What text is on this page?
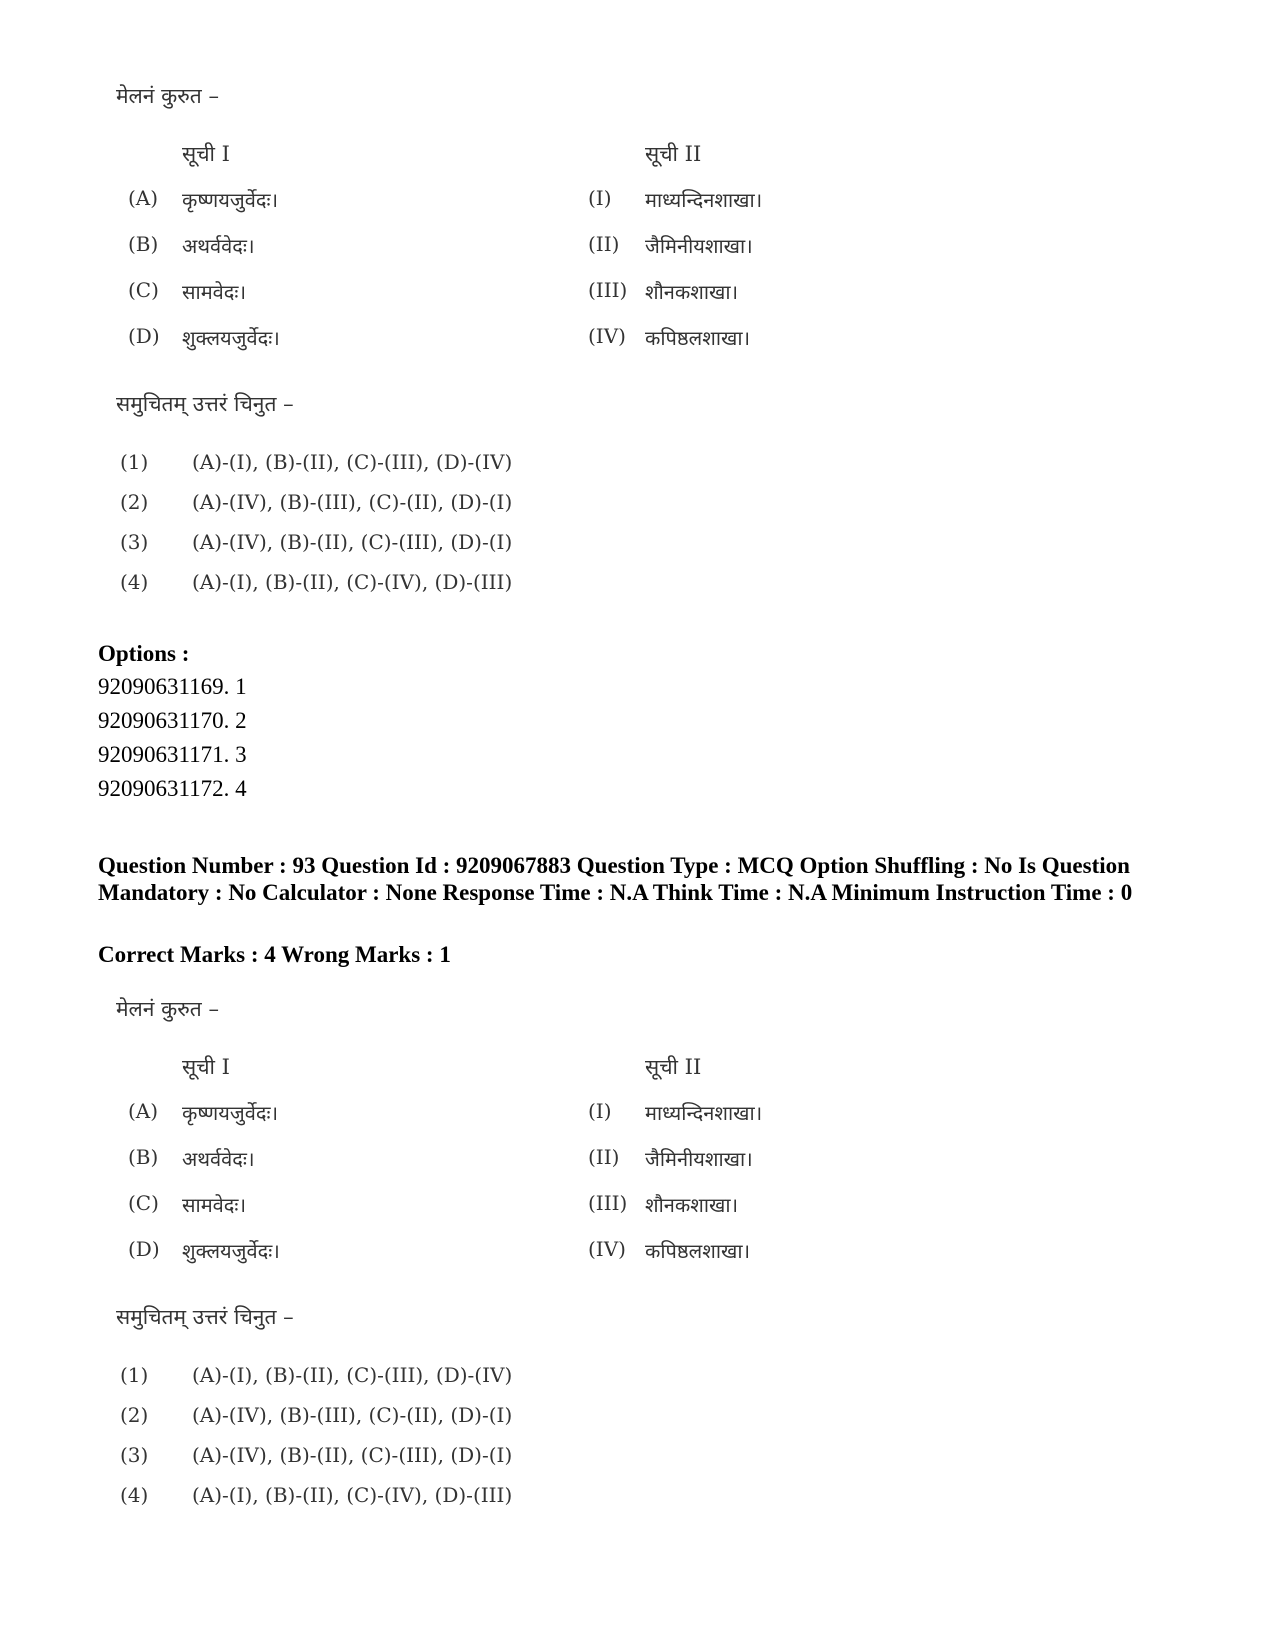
मेलनं कुरुत –
सूची I	सूची II
(A) कृष्णयजुर्वेदः।	(I) माध्यन्दिनशाखा।
(B) अथर्ववेदः।	(II) जैमिनीयशाखा।
(C) सामवेदः।	(III) शौनकशाखा।
(D) शुक्लयजुर्वेदः।	(IV) कपिष्ठलशाखा।
समुचितम् उत्तरं चिनुत –
(1) (A)-(I), (B)-(II), (C)-(III), (D)-(IV)
(2) (A)-(IV), (B)-(III), (C)-(II), (D)-(I)
(3) (A)-(IV), (B)-(II), (C)-(III), (D)-(I)
(4) (A)-(I), (B)-(II), (C)-(IV), (D)-(III)
Options :
92090631169. 1
92090631170. 2
92090631171. 3
92090631172. 4
Question Number : 93 Question Id : 9209067883 Question Type : MCQ Option Shuffling : No Is Question Mandatory : No Calculator : None Response Time : N.A Think Time : N.A Minimum Instruction Time : 0
Correct Marks : 4 Wrong Marks : 1
मेलनं कुरुत –
सूची I	सूची II
(A) कृष्णयजुर्वेदः।	(I) माध्यन्दिनशाखा।
(B) अथर्ववेदः।	(II) जैमिनीयशाखा।
(C) सामवेदः।	(III) शौनकशाखा।
(D) शुक्लयजुर्वेदः।	(IV) कपिष्ठलशाखा।
समुचितम् उत्तरं चिनुत –
(1) (A)-(I), (B)-(II), (C)-(III), (D)-(IV)
(2) (A)-(IV), (B)-(III), (C)-(II), (D)-(I)
(3) (A)-(IV), (B)-(II), (C)-(III), (D)-(I)
(4) (A)-(I), (B)-(II), (C)-(IV), (D)-(III)
